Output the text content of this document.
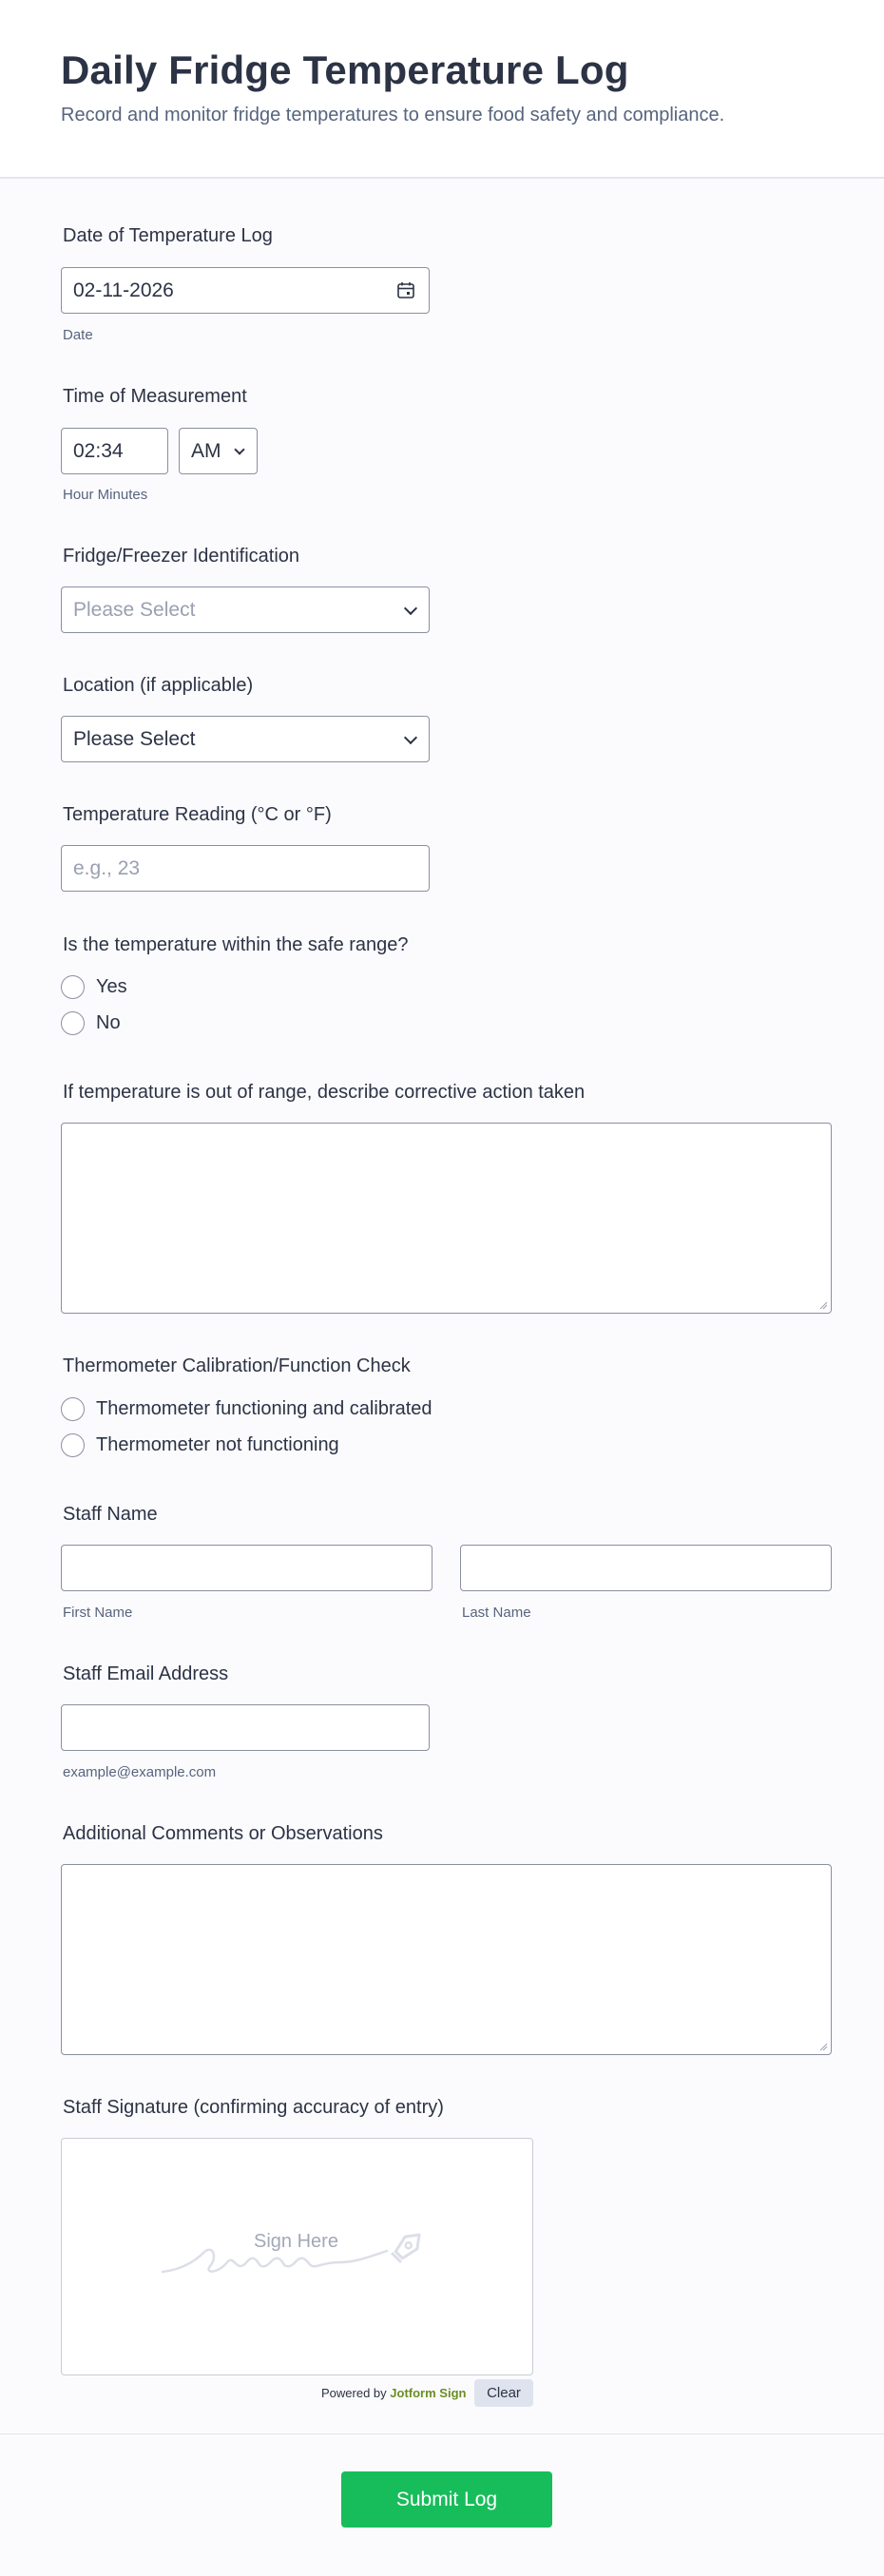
Daily Fridge Temperature Log

Record and monitor fridge temperatures to ensure food safety and compliance.

Date of Temperature Log
02-11-2026
Date
Time of Measurement
02:34	AM
Hour Minutes
Fridge/Freezer Identification
Please Select
Location (if applicable)
Please Select
Temperature Reading (°C or °F)
e.g., 23
Is the temperature within the safe range?
Yes
No
If temperature is out of range, describe corrective action taken
Thermometer Calibration/Function Check
Thermometer functioning and calibrated
Thermometer not functioning
Staff Name
First Name	Last Name
Staff Email Address
example@example.com
Additional Comments or Observations
Staff Signature (confirming accuracy of entry)
Sign Here
Powered by Jotform Sign	Clear
Submit Log
